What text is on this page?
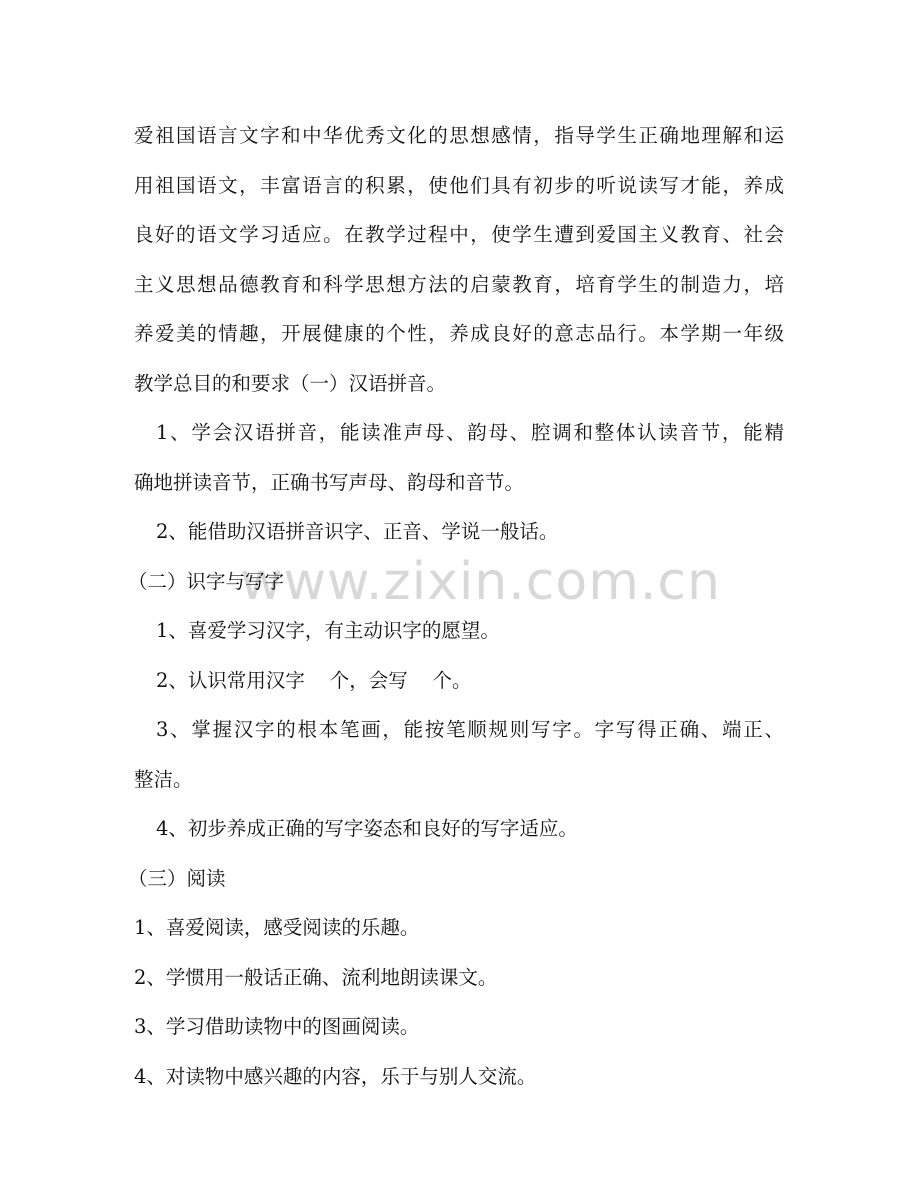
www.zixin.com.cn
爱祖国语言文字和中华优秀文化的思想感情，指导学生正确地理解和运
用祖国语文，丰富语言的积累，使他们具有初步的听说读写才能，养成
良好的语文学习适应。在教学过程中，使学生遭到爱国主义教育、社会
主义思想品德教育和科学思想方法的启蒙教育，培育学生的制造力，培
养爱美的情趣，开展健康的个性，养成良好的意志品行。本学期一年级
教学总目的和要求（一）汉语拼音。
1、学会汉语拼音，能读准声母、韵母、腔调和整体认读音节，能精
确地拼读音节，正确书写声母、韵母和音节。
2、能借助汉语拼音识字、正音、学说一般话。
（二）识字与写字
1、喜爱学习汉字，有主动识字的愿望。
2、认识常用汉字    个，会写    个。
3、掌握汉字的根本笔画，能按笔顺规则写字。字写得正确、端正、
整洁。
4、初步养成正确的写字姿态和良好的写字适应。
（三）阅读
1、喜爱阅读，感受阅读的乐趣。
2、学惯用一般话正确、流利地朗读课文。
3、学习借助读物中的图画阅读。
4、对读物中感兴趣的内容，乐于与别人交流。
